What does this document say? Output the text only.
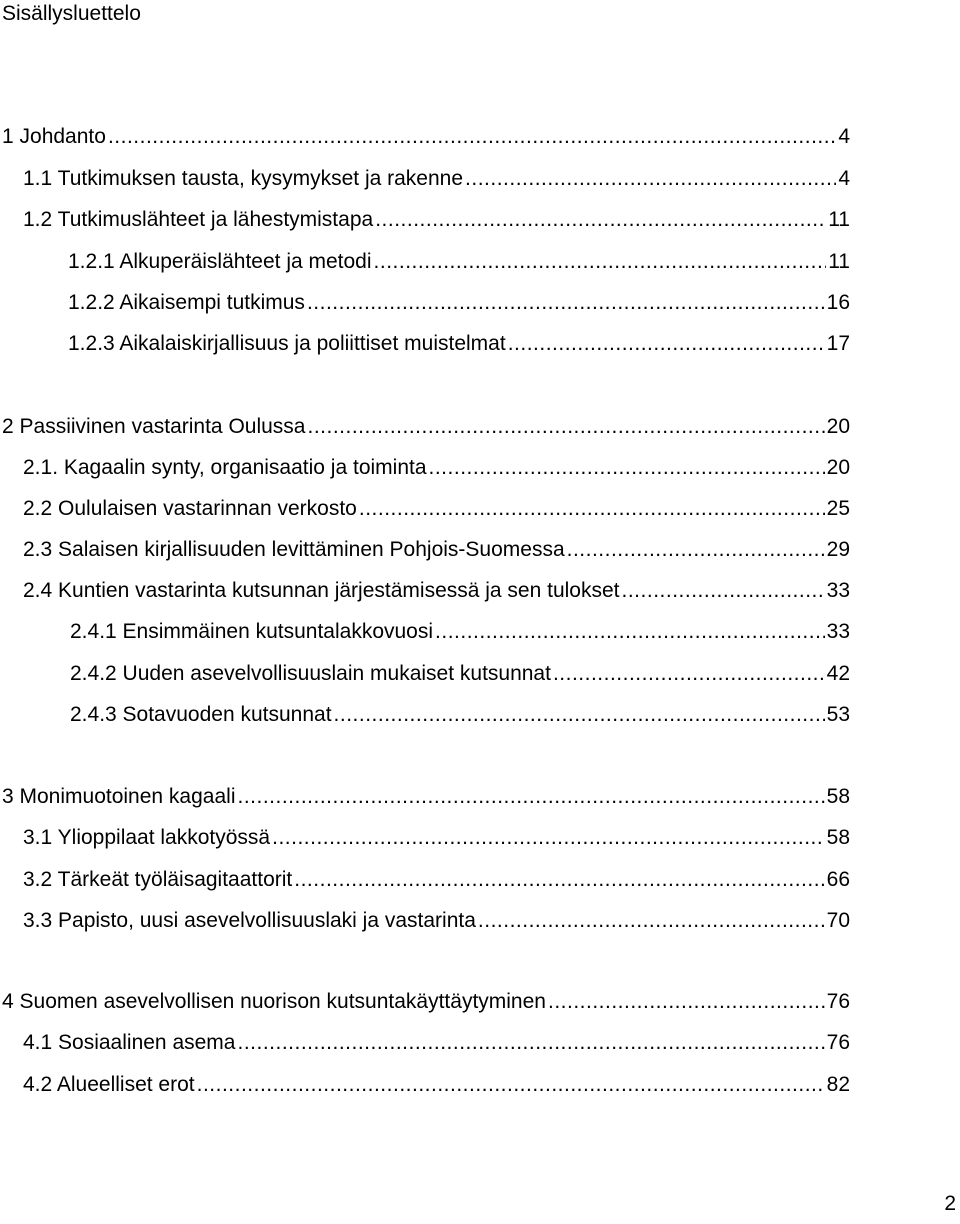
Sisällysluettelo
1 Johdanto .....	4
1.1 Tutkimuksen tausta, kysymykset ja rakenne .....	4
1.2 Tutkimuslähteet ja lähestymistapa .....	11
1.2.1 Alkuperäislähteet ja metodi .....	11
1.2.2 Aikaisempi tutkimus .....	16
1.2.3 Aikalaiskirjallisuus ja poliittiset muistelmat .....	17
2 Passiivinen vastarinta Oulussa .....	20
2.1. Kagaalin synty, organisaatio ja toiminta .....	20
2.2 Oululaisen vastarinnan verkosto .....	25
2.3 Salaisen kirjallisuuden levittäminen Pohjois-Suomessa .....	29
2.4 Kuntien vastarinta kutsunnan järjestämisessä ja sen tulokset .....	33
2.4.1 Ensimmäinen kutsuntalakkovuosi .....	33
2.4.2 Uuden asevelvollisuuslain mukaiset kutsunnat .....	42
2.4.3 Sotavuoden kutsunnat .....	53
3 Monimuotoinen kagaali .....	58
3.1 Ylioppilaat lakkotyössä .....	58
3.2 Tärkeät työläisagitaattorit .....	66
3.3 Papisto, uusi asevelvollisuuslaki ja vastarinta .....	70
4 Suomen asevelvollisen nuorison kutsuntakäyttäytyminen .....	76
4.1 Sosiaalinen asema .....	76
4.2 Alueelliset erot .....	82
2
